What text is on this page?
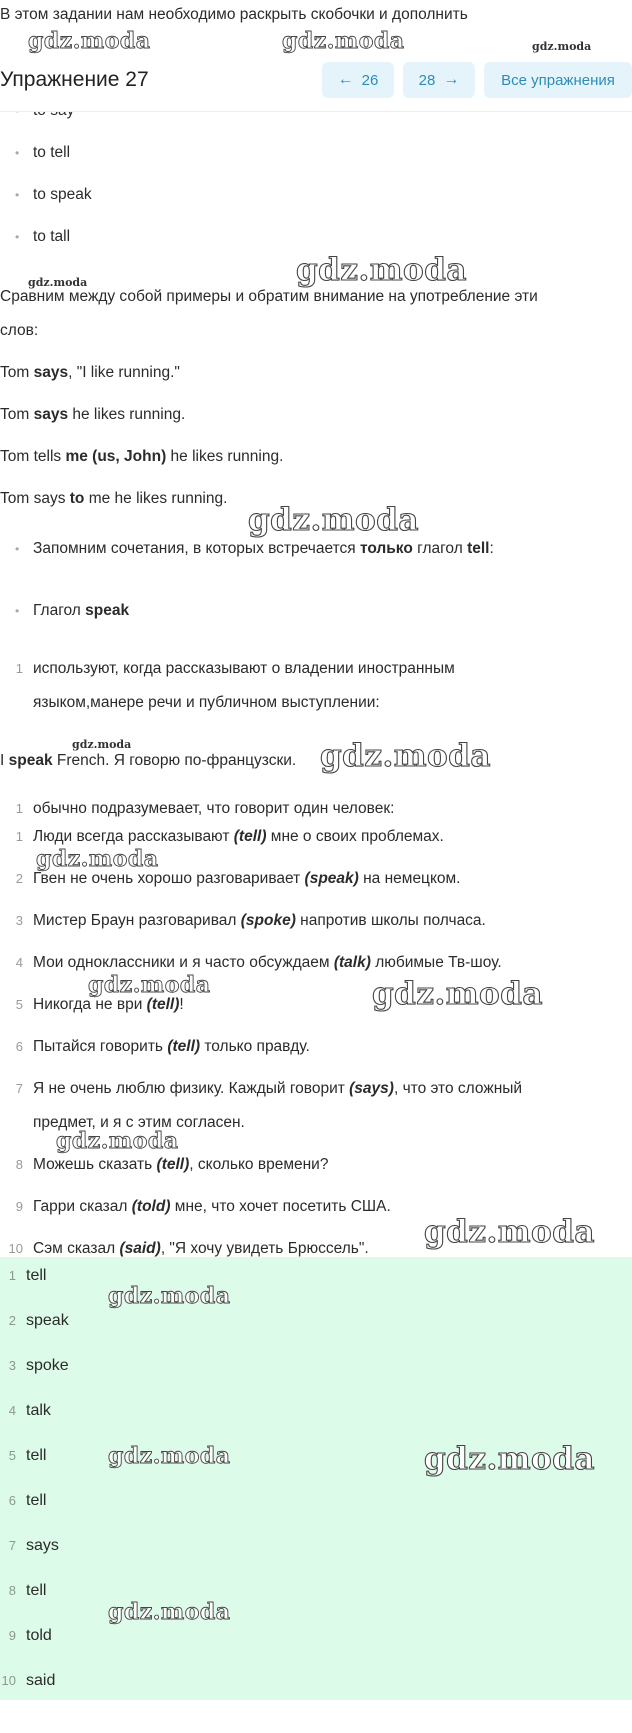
В этом задании нам необходимо раскрыть скобочки и дополнить
gdz.moda	gdz.moda	gdz.moda
• to tell
• to speak
• to tall
Упражнение 27	← 26	28 →	Все упражнения
gdz.moda	gdz.moda
Сравним между собой примеры и обратим внимание на употребление эти
слов:
Tom says, "I like running."
Tom says he likes running.
Tom tells me (us, John) he likes running.
Tom says to me he likes running.
gdz.moda
• Запомним сочетания, в которых встречается только глагол tell:
• Глагол speak
1 используют, когда рассказывают о владении иностранным
языком,манере речи и публичном выступлении:
gdz.moda
I speak French. Я говорю по-французски. gdz.moda
1 обычно подразумевает, что говорит один человек:
1 Люди всегда рассказывают (tell) мне о своих проблемах.
gdz.moda
2 Гвен не очень хорошо разговаривает (speak) на немецком.
3 Мистер Браун разговаривал (spoke) напротив школы полчаса.
4 Мои одноклассники и я часто обсуждаем (talk) любимые Тв-шоу.
gdz.moda
5 Никогда не ври (tell)!	gdz.moda
6 Пытайся говорить (tell) только правду.
7 Я не очень люблю физику. Каждый говорит (says), что это сложный
предмет, и я с этим согласен.
gdz.moda
8 Можешь сказать (tell), сколько времени?
9 Гарри сказал (told) мне, что хочет посетить США.
10 Сэм сказал (said), "Я хочу увидеть Брюссель". gdz.moda
1 tell
gdz.moda
2 speak
3 spoke
4 talk
5 tell	gdz.moda	gdz.moda
6 tell
7 says
8 tell
gdz.moda
9 told
10 said
